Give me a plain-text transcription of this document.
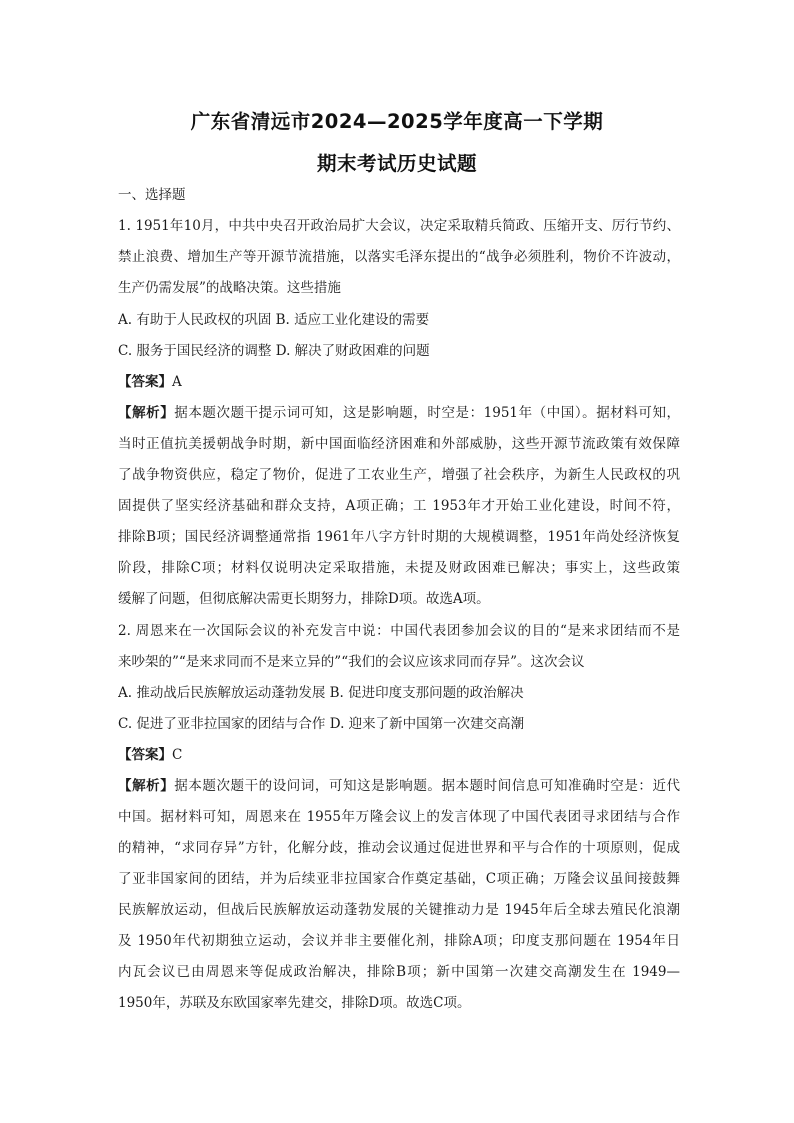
广东省清远市2024—2025学年度高一下学期
期末考试历史试题
一、选择题
1. 1951年10月，中共中央召开政治局扩大会议，决定采取精兵简政、压缩开支、厉行节约、
禁止浪费、增加生产等开源节流措施，以落实毛泽东提出的“战争必须胜利，物价不许波动，
生产仍需发展”的战略决策。这些措施
A. 有助于人民政权的巩固 B. 适应工业化建设的需要
C. 服务于国民经济的调整 D. 解决了财政困难的问题
【答案】A
【解析】据本题次题干提示词可知，这是影响题，时空是：1951年（中国）。据材料可知，
当时正值抗美援朝战争时期，新中国面临经济困难和外部威胁，这些开源节流政策有效保障
了战争物资供应，稳定了物价，促进了工农业生产，增强了社会秩序，为新生人民政权的巩
固提供了坚实经济基础和群众支持，A项正确；工 1953年才开始工业化建设，时间不符，
排除B项；国民经济调整通常指 1961年八字方针时期的大规模调整，1951年尚处经济恢复
阶段，排除C项；材料仅说明决定采取措施，未提及财政困难已解决；事实上，这些政策
缓解了问题，但彻底解决需更长期努力，排除D项。故选A项。
2. 周恩来在一次国际会议的补充发言中说：中国代表团参加会议的目的“是来求团结而不是
来吵架的”“是来求同而不是来立异的”“我们的会议应该求同而存异”。这次会议
A. 推动战后民族解放运动蓬勃发展 B. 促进印度支那问题的政治解决
C. 促进了亚非拉国家的团结与合作 D. 迎来了新中国第一次建交高潮
【答案】C
【解析】据本题次题干的设问词，可知这是影响题。据本题时间信息可知准确时空是：近代
中国。据材料可知，周恩来在 1955年万隆会议上的发言体现了中国代表团寻求团结与合作
的精神，“求同存异”方针，化解分歧，推动会议通过促进世界和平与合作的十项原则，促成
了亚非国家间的团结，并为后续亚非拉国家合作奠定基础，C项正确；万隆会议虽间接鼓舞
民族解放运动，但战后民族解放运动蓬勃发展的关键推动力是 1945年后全球去殖民化浪潮
及 1950年代初期独立运动，会议并非主要催化剂，排除A项；印度支那问题在 1954年日
内瓦会议已由周恩来等促成政治解决，排除B项；新中国第一次建交高潮发生在 1949—
1950年，苏联及东欧国家率先建交，排除D项。故选C项。
